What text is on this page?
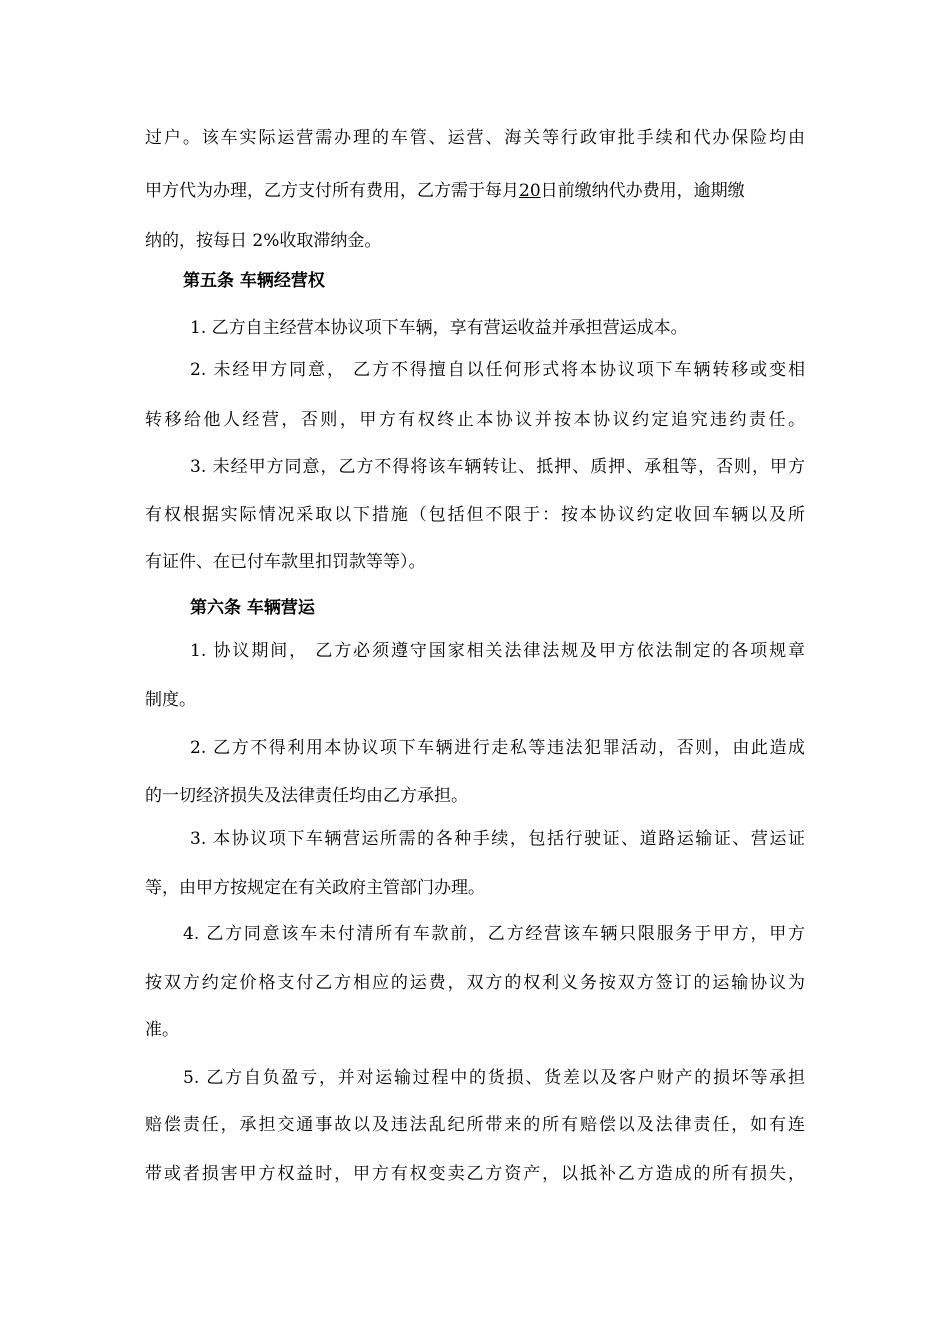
过户。该车实际运营需办理的车管、运营、海关等行政审批手续和代办保险均由
甲方代为办理，乙方支付所有费用，乙方需于每月20日前缴纳代办费用，逾期缴
纳的，按每日 2%收取滞纳金。
第五条 车辆经营权
1. 乙方自主经营本协议项下车辆，享有营运收益并承担营运成本。
2. 未经甲方同意， 乙方不得擅自以任何形式将本协议项下车辆转移或变相
转移给他人经营，否则，甲方有权终止本协议并按本协议约定追究违约责任。
3. 未经甲方同意，乙方不得将该车辆转让、抵押、质押、承租等，否则，甲方
有权根据实际情况采取以下措施（包括但不限于：按本协议约定收回车辆以及所
有证件、在已付车款里扣罚款等等）。
第六条 车辆营运
1. 协议期间， 乙方必须遵守国家相关法律法规及甲方依法制定的各项规章
制度。
2. 乙方不得利用本协议项下车辆进行走私等违法犯罪活动，否则，由此造成
的一切经济损失及法律责任均由乙方承担。
3. 本协议项下车辆营运所需的各种手续，包括行驶证、道路运输证、营运证
等，由甲方按规定在有关政府主管部门办理。
4. 乙方同意该车未付清所有车款前，乙方经营该车辆只限服务于甲方，甲方
按双方约定价格支付乙方相应的运费，双方的权利义务按双方签订的运输协议为
准。
5. 乙方自负盈亏，并对运输过程中的货损、货差以及客户财产的损坏等承担
赔偿责任，承担交通事故以及违法乱纪所带来的所有赔偿以及法律责任，如有连
带或者损害甲方权益时，甲方有权变卖乙方资产，以抵补乙方造成的所有损失，
